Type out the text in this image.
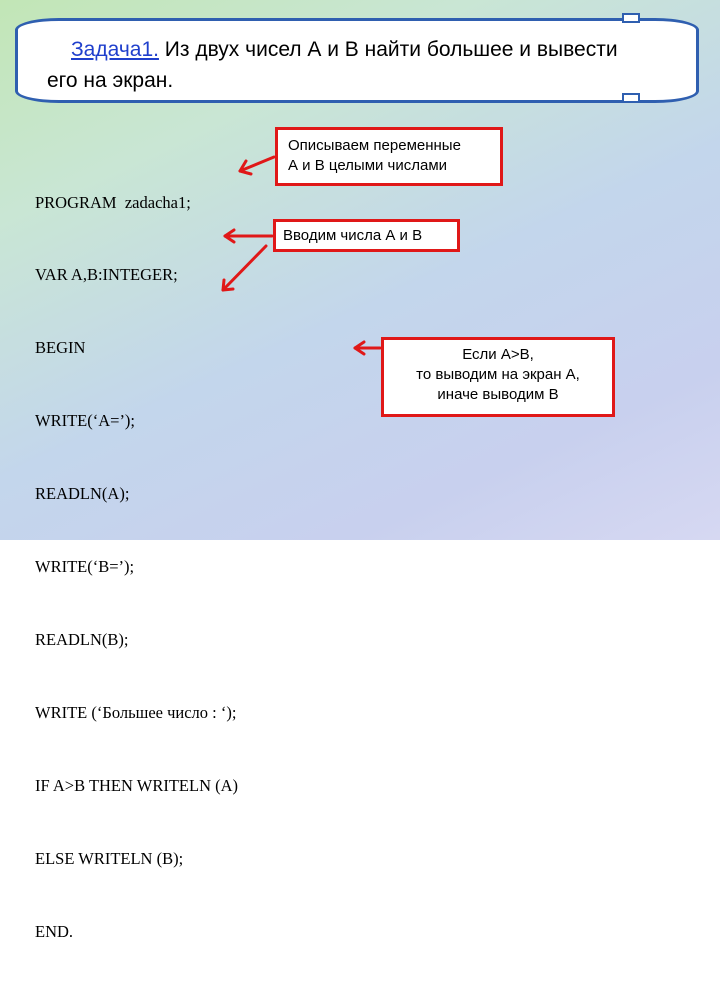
Задача1. Из двух чисел А и В найти большее и вывести
его на экран.

PROGRAM  zadacha1;

VAR A,B:INTEGER;

BEGIN

WRITE(‘A=’);

READLN(A);

WRITE(‘B=’);

READLN(B);

WRITE (‘Большее число : ‘);

IF A>B THEN WRITELN (A)

ELSE WRITELN (B);

END.

Описываем переменные
А и В целыми числами
Вводим числа А и В
Если А>В,
то выводим на экран А,
иначе выводим В
